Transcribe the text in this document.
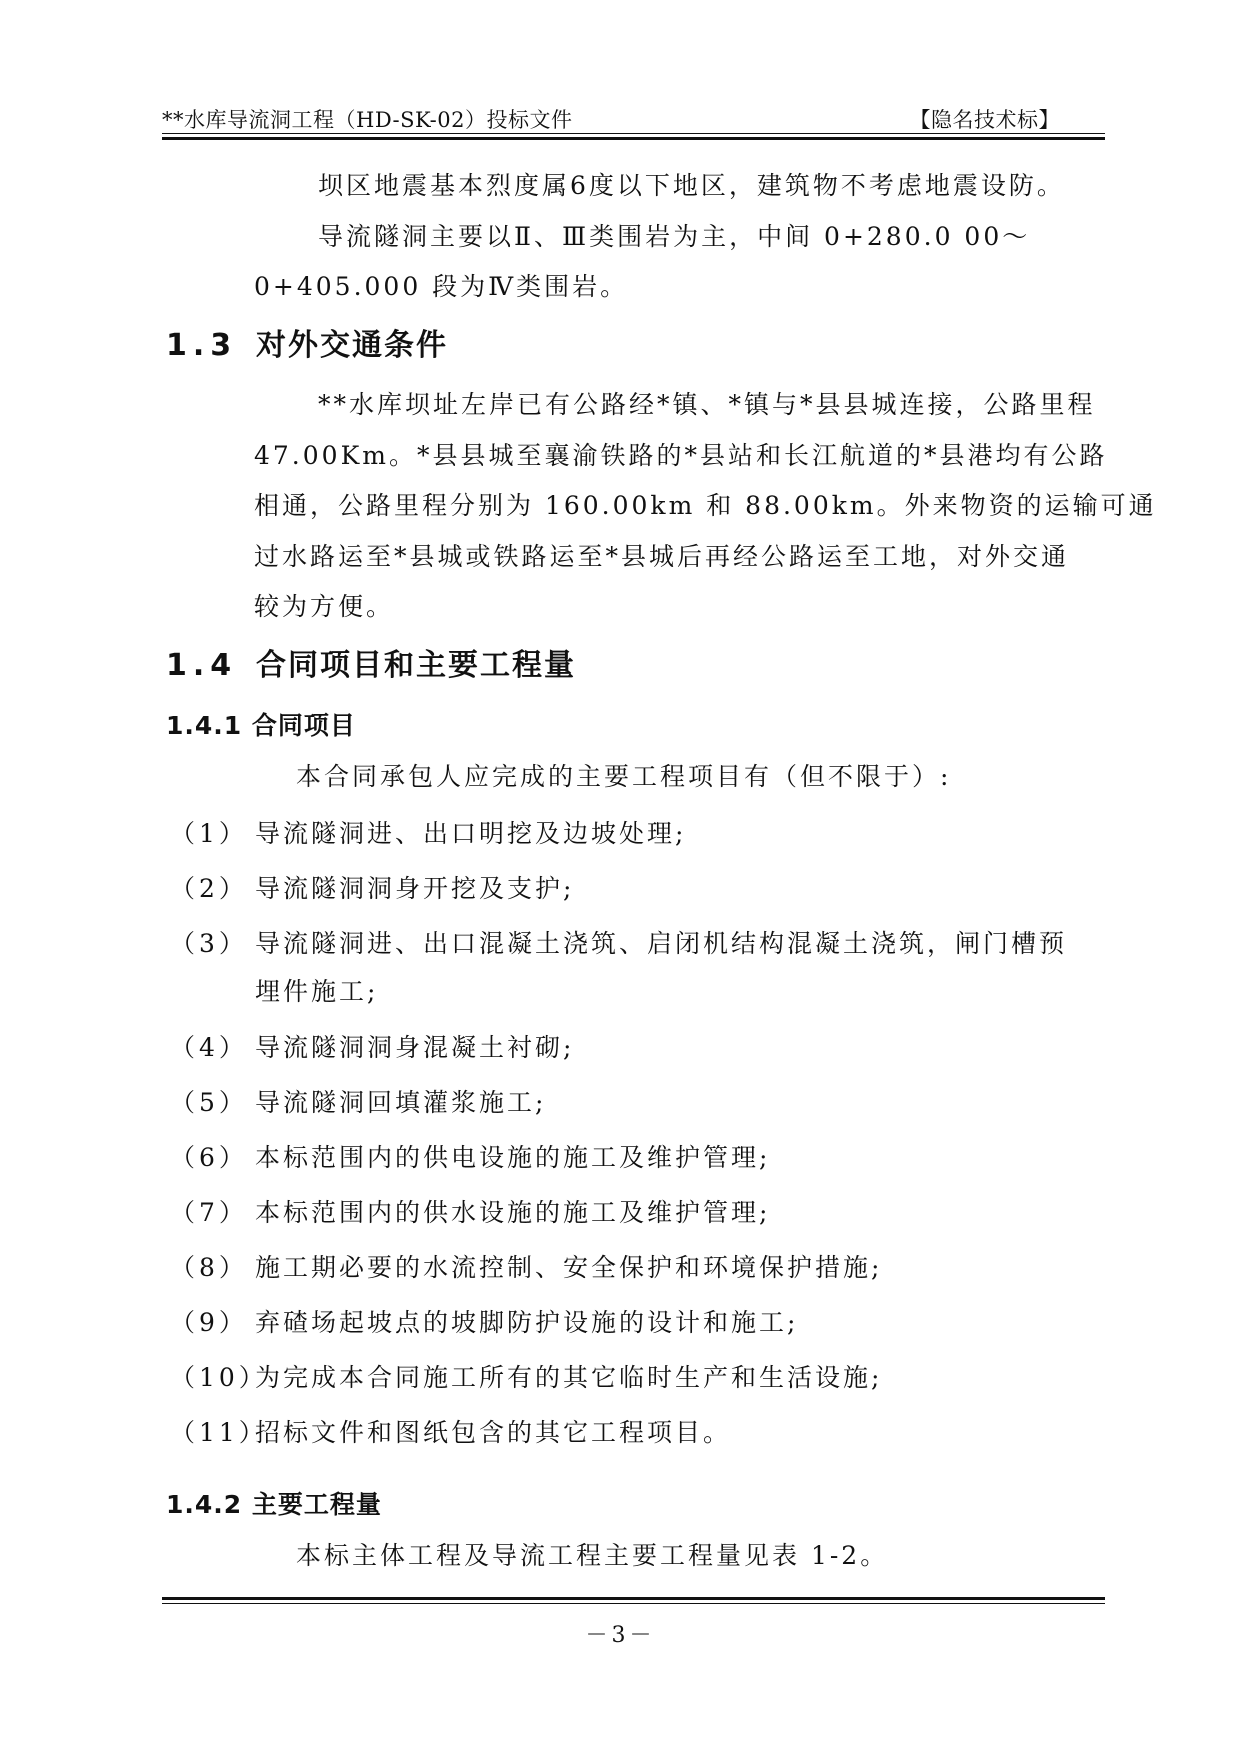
**水库导流洞工程（HD-SK-02）投标文件	【隐名技术标】
坝区地震基本烈度属6度以下地区，建筑物不考虑地震设防。
导流隧洞主要以Ⅱ、Ⅲ类围岩为主，中间 0+280.0 00～
0+405.000 段为Ⅳ类围岩。
1.3 对外交通条件
**水库坝址左岸已有公路经*镇、*镇与*县县城连接，公路里程
47.00Km。*县县城至襄渝铁路的*县站和长江航道的*县港均有公路
相通，公路里程分别为 160.00km 和 88.00km。外来物资的运输可通
过水路运至*县城或铁路运至*县城后再经公路运至工地，对外交通
较为方便。
1.4 合同项目和主要工程量
1.4.1 合同项目
本合同承包人应完成的主要工程项目有（但不限于）:
（1） 导流隧洞进、出口明挖及边坡处理;
（2） 导流隧洞洞身开挖及支护;
（3） 导流隧洞进、出口混凝土浇筑、启闭机结构混凝土浇筑，闸门槽预
埋件施工;
（4） 导流隧洞洞身混凝土衬砌;
（5） 导流隧洞回填灌浆施工;
（6） 本标范围内的供电设施的施工及维护管理;
（7） 本标范围内的供水设施的施工及维护管理;
（8） 施工期必要的水流控制、安全保护和环境保护措施;
（9） 弃碴场起坡点的坡脚防护设施的设计和施工;
（10）
为完成本合同施工所有的其它临时生产和生活设施;
（11）
招标文件和图纸包含的其它工程项目。
1.4.2 主要工程量
本标主体工程及导流工程主要工程量见表 1-2。
－3－
